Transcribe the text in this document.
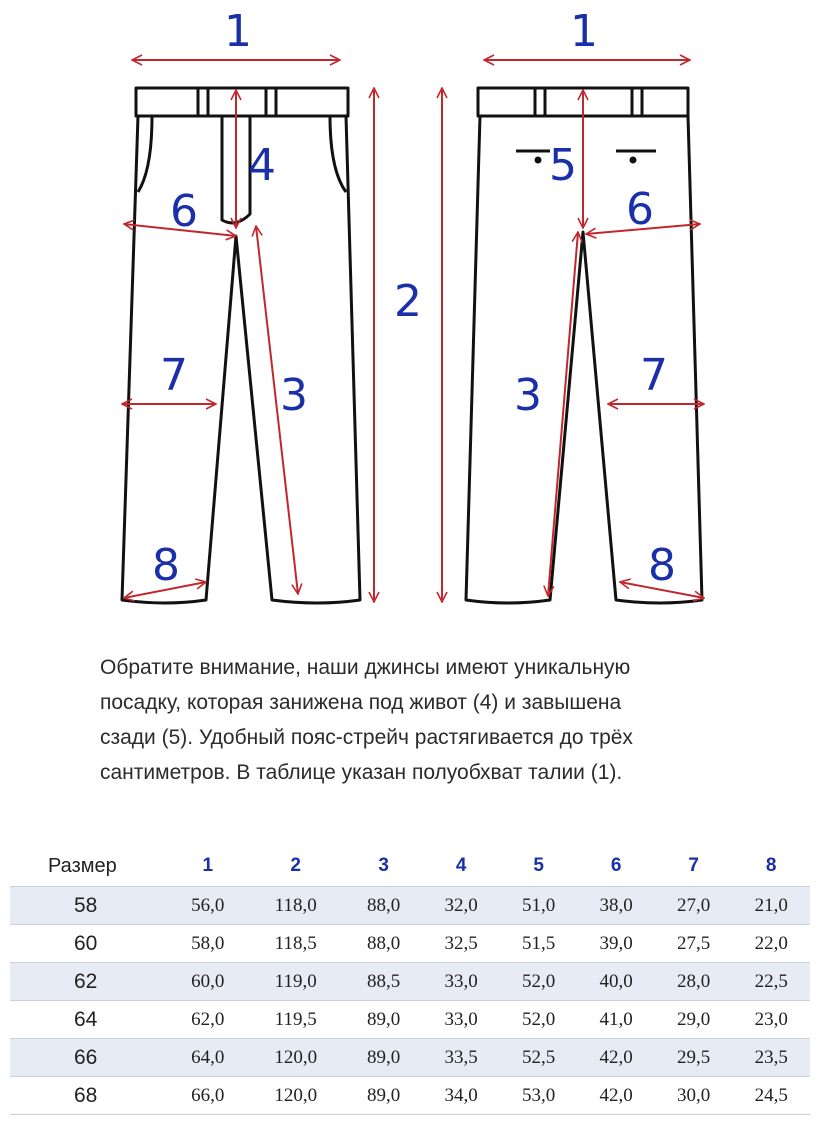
1
4
6
7 3
8
2
1
5
6
7
3
8
Обратите внимание, наши джинсы имеют уникальную
посадку, которая занижена под живот (4) и завышена
сзади (5). Удобный пояс-стрейч растягивается до трёх
сантиметров. В таблице указан полуобхват талии (1).
Размер	1	2	3	4	5	6	7	8
58	56,0	118,0	88,0	32,0	51,0	38,0	27,0	21,0
60	58,0	118,5	88,0	32,5	51,5	39,0	27,5	22,0
62	60,0	119,0	88,5	33,0	52,0	40,0	28,0	22,5
64	62,0	119,5	89,0	33,0	52,0	41,0	29,0	23,0
66	64,0	120,0	89,0	33,5	52,5	42,0	29,5	23,5
68	66,0	120,0	89,0	34,0	53,0	42,0	30,0	24,5
